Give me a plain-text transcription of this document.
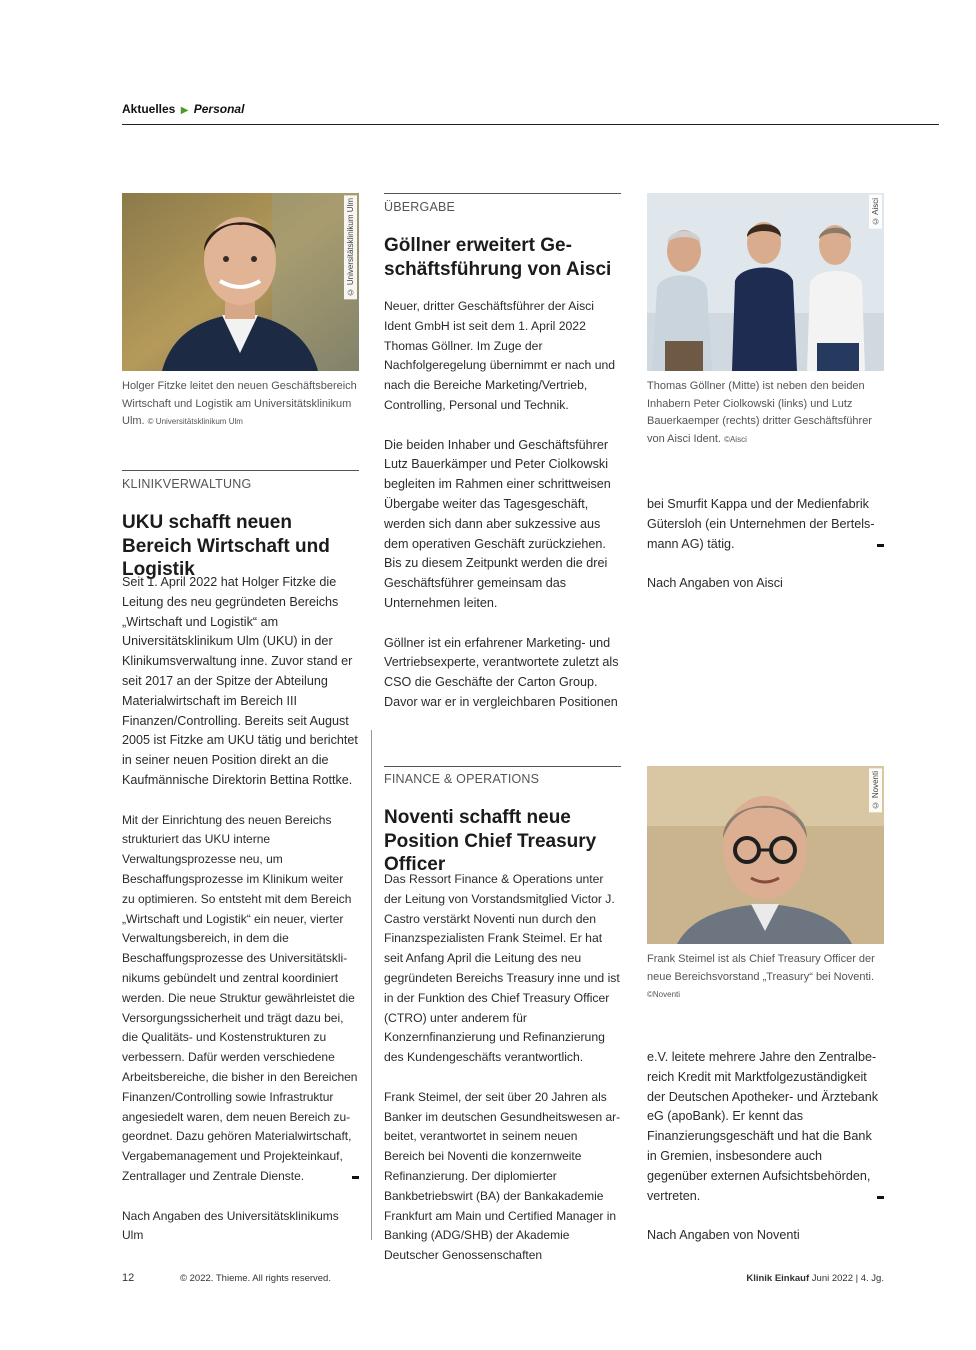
Aktuelles ▶ Personal
© Universitätsklinikum Ulm

Holger Fitzke leitet den neuen Geschäftsbereich Wirtschaft und Logistik am Universitätsklinikum Ulm. © Universitätsklinikum Ulm

KLINIKVERWALTUNG
UKU schafft neuen Bereich Wirtschaft und Logistik

Seit 1. April 2022 hat Holger Fitzke die Leitung des neu gegründeten Bereichs „Wirtschaft und Logistik“ am Universitätsklinikum Ulm (UKU) in der Klinikumsverwaltung inne. Zuvor stand er seit 2017 an der Spitze der Abteilung Materialwirtschaft im Bereich III Finanzen/Controlling. Bereits seit August 2005 ist Fitzke am UKU tätig und berichtet in seiner neuen Position direkt an die Kaufmännische Direktorin Bettina Rottke.

Mit der Einrichtung des neuen Bereichs strukturiert das UKU interne Verwaltungsprozesse neu, um Beschaffungsprozesse im Klinikum weiter zu optimieren. So entsteht mit dem Bereich „Wirtschaft und Logistik“ ein neuer, vierter Verwaltungsbereich, in dem die Beschaffungsprozesse des Universitätsklinikums gebündelt und zentral koordiniert werden. Die neue Struktur gewährleistet die Versorgungssicherheit und trägt dazu bei, die Qualitäts- und Kostenstrukturen zu verbessern. Dafür werden verschiedene Arbeitsbereiche, die bisher in den Bereichen Finanzen/Controlling sowie Infrastruktur angesiedelt waren, dem neuen Bereich zugeordnet. Dazu gehören Materialwirtschaft, Vergabemanagement und Projekteinkauf, Zentrallager und Zentrale Dienste.

Nach Angaben des Universitätsklinikums Ulm

ÜBERGABE
Göllner erweitert Geschäftsführung von Aisci

Neuer, dritter Geschäftsführer der Aisci Ident GmbH ist seit dem 1. April 2022 Thomas Göllner. Im Zuge der Nachfolgeregelung übernimmt er nach und nach die Bereiche Marketing/Vertrieb, Controlling, Personal und Technik.

Die beiden Inhaber und Geschäftsführer Lutz Bauerkämper und Peter Ciolkowski begleiten im Rahmen einer schrittweisen Übergabe weiter das Tagesgeschäft, werden sich dann aber sukzessive aus dem operativen Geschäft zurückziehen. Bis zu diesem Zeitpunkt werden die drei Geschäftsführer gemeinsam das Unternehmen leiten.

Göllner ist ein erfahrener Marketing- und Vertriebsexperte, verantwortete zuletzt als CSO die Geschäfte der Carton Group. Davor war er in vergleichbaren Positionen

© Aisci

Thomas Göllner (Mitte) ist neben den beiden Inhabern Peter Ciolkowski (links) und Lutz Bauerkaemper (rechts) dritter Geschäftsführer von Aisci Ident. ©Aisci

bei Smurfit Kappa und der Medienfabrik Gütersloh (ein Unternehmen der Bertelsmann AG) tätig.

Nach Angaben von Aisci

FINANCE & OPERATIONS
Noventi schafft neue Position Chief Treasury Officer

Das Ressort Finance & Operations unter der Leitung von Vorstandsmitglied Victor J. Castro verstärkt Noventi nun durch den Finanzspezialisten Frank Steimel. Er hat seit Anfang April die Leitung des neu gegründeten Bereichs Treasury inne und ist in der Funktion des Chief Treasury Officer (CTRO) unter anderem für Konzernfinanzierung und Refinanzierung des Kundengeschäfts verantwortlich.

Frank Steimel, der seit über 20 Jahren als Banker im deutschen Gesundheitswesen arbeitet, verantwortet in seinem neuen Bereich bei Noventi die konzernweite Refinanzierung. Der diplomierter Bankbetriebswirt (BA) der Bankakademie Frankfurt am Main und Certified Manager in Banking (ADG/SHB) der Akademie Deutscher Genossenschaften

© Noventi

Frank Steimel ist als Chief Treasury Officer der neue Bereichsvorstand „Treasury“ bei Noventi.
©Noventi

e.V. leitete mehrere Jahre den Zentralbereich Kredit mit Marktfolgezuständigkeit der Deutschen Apotheker- und Ärztebank eG (apoBank). Er kennt das Finanzierungsgeschäft und hat die Bank in Gremien, insbesondere auch gegenüber externen Aufsichtsbehörden, vertreten.

Nach Angaben von Noventi

12	© 2022. Thieme. All rights reserved.	Klinik Einkauf Juni 2022 | 4. Jg.
